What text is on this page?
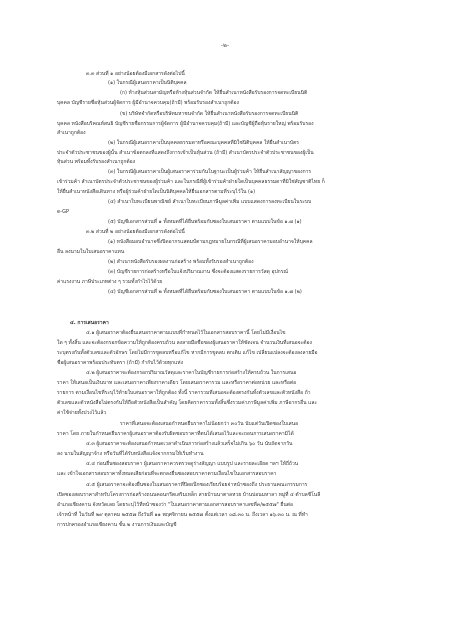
-๒-
๓.๓ ส่วนที่ ๑ อย่างน้อยต้องมีเอกสารดังต่อไปนี้
(๑) ในกรณีผู้เสนอราคาเป็นนิติบุคคล
(ก) ห้างหุ้นส่วนสามัญหรือห้างหุ้นส่วนจำกัด ให้ยื่นสำเนาหนังสือรับรองการจดทะเบียนนิติ
บุคคล บัญชีรายชื่อหุ้นส่วนผู้จัดการ ผู้มีอำนาจควบคุม(ถ้ามี) พร้อมรับรองสำเนาถูกต้อง
(ข) บริษัทจำกัดหรือบริษัทมหาชนจำกัด ให้ยื่นสำเนาหนังสือรับรองการจดทะเบียนนิติ
บุคคล หนังสือบริคณห์สนธิ บัญชีรายชื่อกรรมการผู้จัดการ ผู้มีอำนาจควบคุม(ถ้ามี) และบัญชีผู้ถือหุ้นรายใหญ่ พร้อมรับรอง
สำเนาถูกต้อง
(๒) ในกรณีผู้เสนอราคาเป็นบุคคลธรรมดาหรือคณะบุคคลที่มิใช่นิติบุคคล ให้ยื่นสำเนาบัตร
ประจำตัวประชาชนของผู้นั้น สำเนาข้อตกลงที่แสดงถึงการเข้าเป็นหุ้นส่วน (ถ้ามี) สำเนาบัตรประจำตัวประชาชนของผู้เป็น
หุ้นส่วน พร้อมทั้งรับรองสำเนาถูกต้อง
(๓) ในกรณีผู้เสนอราคาเป็นผู้เสนอราคาร่วมกันในฐานะเป็นผู้ร่วมค้า ให้ยื่นสำเนาสัญญาของการ
เข้าร่วมค้า สำเนาบัตรประจำตัวประชาชนของผู้ร่วมค้า และในกรณีที่ผู้เข้าร่วมค้าฝ่ายใดเป็นบุคคลธรรมดาที่มิใช่สัญชาติไทย ก็
ให้ยื่นสำเนาหนังสือเดินทาง หรือผู้ร่วมค้าฝ่ายใดเป็นนิติบุคคลให้ยื่นเอกสารตามที่ระบุไว้ใน (๑)
(๔) สำเนาใบทะเบียนพาณิชย์ สำเนาใบทะเบียนภาษีมูลค่าเพิ่ม แบบแสดงการลงทะเบียนในระบบ
e-GP
(๕) บัญชีเอกสารส่วนที่ ๑ ทั้งหมดที่ได้ยื่นพร้อมกับซองใบเสนอราคา ตามแบบในข้อ ๑.๗ (๑)
๓.๒ ส่วนที่ ๒ อย่างน้อยต้องมีเอกสารดังต่อไปนี้
(๑) หนังสือมอบอำนาจซึ่งปิดอากรแสตมป์ตามกฎหมายในกรณีที่ผู้เสนอราคามอบอำนาจให้บุคคล
อื่น ลงนามในใบเสนอราคาแทน
(๒) สำเนาหนังสือรับรองผลงานก่อสร้าง พร้อมทั้งรับรองสำเนาถูกต้อง
(๓) บัญชีรายการก่อสร้างหรือใบแจ้งปริมาณงาน ซึ่งจะต้องแสดงรายการวัสดุ อุปกรณ์
ค่าแรงงาน ภาษีประเภทต่าง ๆ รวมทั้งกำไรไว้ด้วย
(๔) บัญชีเอกสารส่วนที่ ๒ ทั้งหมดที่ได้ยื่นพร้อมกับซองใบเสนอราคา ตามแบบในข้อ ๑.๗ (๒)
๔. การเสนอราคา
๔.๑ ผู้เสนอราคาต้องยื่นเสนอราคาตามแบบที่กำหนดไว้ในเอกสารสอบราคานี้ โดยไม่มีเงื่อนไข
ใด ๆ ทั้งสิ้น และจะต้องกรอกข้อความให้ถูกต้องครบถ้วน ลงลายมือชื่อของผู้เสนอราคาให้ชัดเจน จำนวนเงินที่เสนอจะต้อง
ระบุตรงกันทั้งตัวเลขและตัวอักษร โดยไม่มีการขูดลบหรือแก้ไข หากมีการขูดลบ ตกเติม แก้ไข เปลี่ยนแปลงจะต้องลงลายมือ
ชื่อผู้เสนอราคาพร้อมประทับตรา (ถ้ามี) กำกับไว้ด้วยทุกแห่ง
๔.๒ ผู้เสนอราคาจะต้องกรอกปริมาณวัสดุและราคาในบัญชีรายการก่อสร้างให้ครบถ้วน ในการเสนอ
ราคา ให้เสนอเป็นเงินบาท และเสนอราคาเพียงราคาเดียว โดยเสนอราคารวม และหรือราคาต่อหน่วย และหรือต่อ
รายการ ตามเงื่อนไขที่ระบุไว้ท้ายใบเสนอราคาให้ถูกต้อง ทั้งนี้ ราคารวมที่เสนอจะต้องตรงกันทั้งตัวเลขและตัวหนังสือ ถ้า
ตัวเลขและตัวหนังสือไม่ตรงกันให้ถือตัวหนังสือเป็นสำคัญ โดยคิดราคารวมทั้งสิ้นซึ่งรวมค่าภาษีมูลค่าเพิ่ม ภาษีอากรอื่น และ
ค่าใช้จ่ายทั้งปวงไว้แล้ว
ราคาที่เสนอจะต้องเสนอกำหนดยืนราคาไม่น้อยกว่า ๓๐วัน นับแต่วันเปิดซองใบเสนอ
ราคา โดย ภายในกำหนดยืนราคาผู้เสนอราคาต้องรับผิดชอบราคาที่ตนได้เสนอไว้และจะถอนการเสนอราคามิได้
๔.๓ ผู้เสนอราคาจะต้องเสนอกำหนดเวลาดำเนินการก่อสร้างแล้วเสร็จไม่เกิน ๖๐ วัน นับถัดจากวัน
ลง นามในสัญญาจ้าง หรือวันที่ได้รับหนังสือแจ้งจากกรมให้เริ่มทำงาน
๔.๔ ก่อนยื่นซองสอบราคา ผู้เสนอราคาควรตรวจดูร่างสัญญา แบบรูป และรายละเอียด ฯลฯ ให้ถี่ถ้วน
และ เข้าใจเอกสารสอบราคาทั้งหมดเสียก่อนที่จะตกลงยื่นซองสอบราคาตามเงื่อนไขในเอกสารสอบราคา
๔.๕ ผู้เสนอราคาจะต้องยื่นซองใบเสนอราคาที่ปิดผนึกซองเรียบร้อยจ่าหน้าซองถึง ประธานคณะกรรมการ
เปิดซองสอบราคาสำหรับโครงการก่อสร้างถนนคอนกรีตเสริมเหล็ก สายบ้านนาตาลหวย บ้านบ่อนมหาลา หมู่ที่ ๔ ตำบลชีโนลี
อำเภอเชียงคาน จังหวัดเลย โดยระบุไว้ที่หน้าซองว่า "ใบเสนอราคาตามเอกสารสอบราคาเลขที่๓/๒๕๕๗" ยื่นต่อ
เจ้าหน้าที่ ในวันที่ ๒๙ ตุลาคม ๒๕๕๗ ถึงวันที่ ๑๑ พฤศจิกายน ๒๕๕๗ ตั้งแต่เวลา ๐๘.๓๐ น. ถึงเวลา ๑๖.๓๐ น. ณ ที่ทำ
การปกครองอำเภอเชียงคาน ชั้น ๒ งานการเงินและบัญชี
